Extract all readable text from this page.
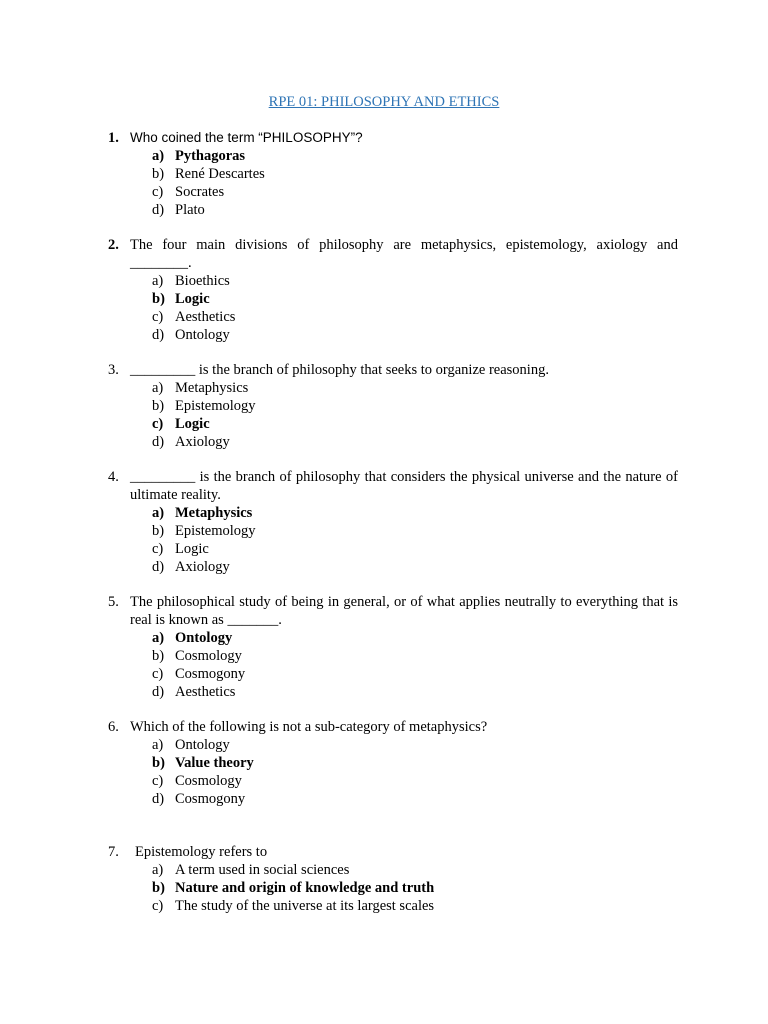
RPE 01: PHILOSOPHY AND ETHICS
1. Who coined the term “PHILOSOPHY”?
a) Pythagoras
b) René Descartes
c) Socrates
d) Plato
2. The four main divisions of philosophy are metaphysics, epistemology, axiology and ________.
a) Bioethics
b) Logic
c) Aesthetics
d) Ontology
3. _________ is the branch of philosophy that seeks to organize reasoning.
a) Metaphysics
b) Epistemology
c) Logic
d) Axiology
4. _________ is the branch of philosophy that considers the physical universe and the nature of ultimate reality.
a) Metaphysics
b) Epistemology
c) Logic
d) Axiology
5. The philosophical study of being in general, or of what applies neutrally to everything that is real is known as _______.
a) Ontology
b) Cosmology
c) Cosmogony
d) Aesthetics
6. Which of the following is not a sub-category of metaphysics?
a) Ontology
b) Value theory
c) Cosmology
d) Cosmogony
7.	Epistemology refers to
a) A term used in social sciences
b) Nature and origin of knowledge and truth
c) The study of the universe at its largest scales
